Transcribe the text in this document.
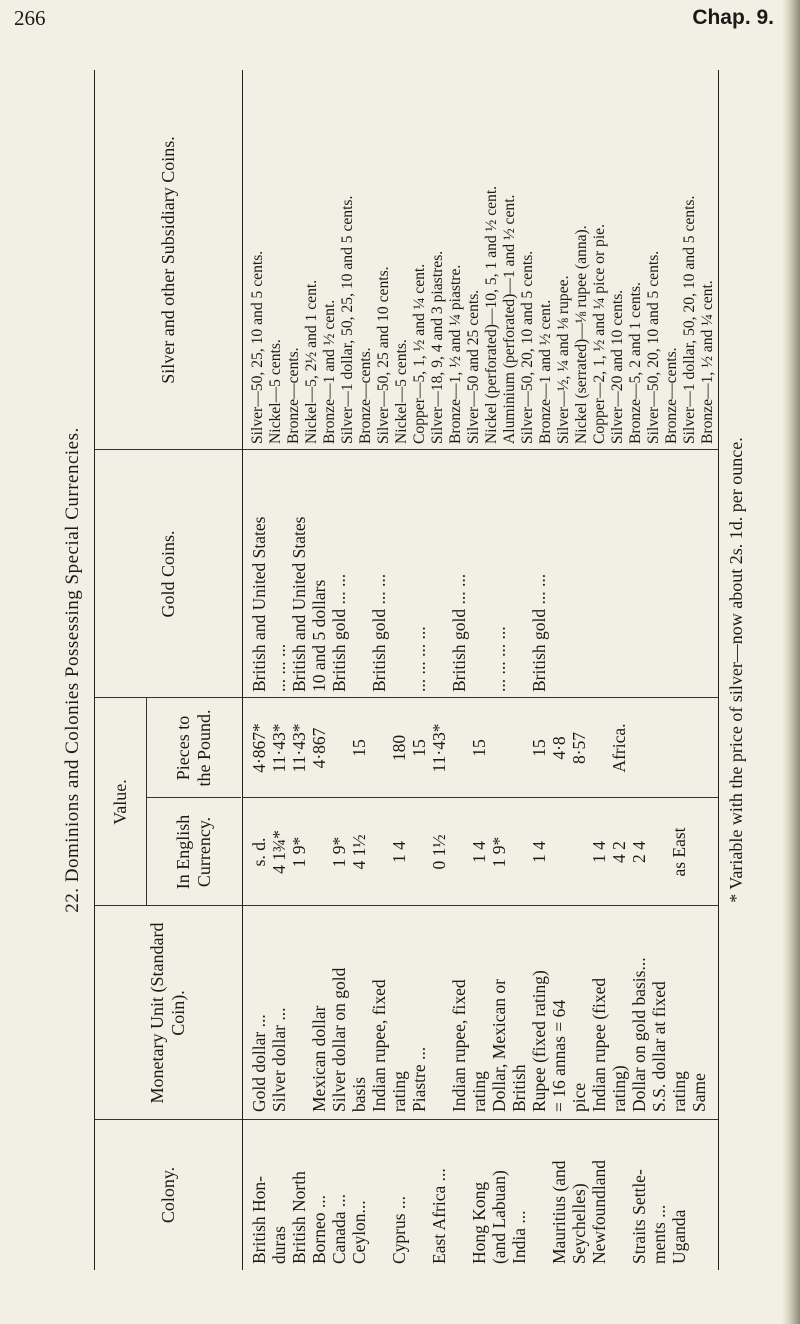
266	Chap. 9.
22. Dominions and Colonies Possessing Special Currencies.
Colony.
Monetary Unit (Standard Coin).
Value.
In English Currency.
Pieces to the Pound.
Gold Coins.
Silver and other Subsidiary Coins.
British Hon- duras British North Borneo ... Canada ... Ceylon... Cyprus ... East Africa ... Hong Kong (and Labuan) India ... Mauritius (and Seychelles) Newfoundland Straits Settle- ments ... Uganda
Gold dollar ... Silver dollar ... Mexican dollar Silver dollar on gold basis Indian rupee, fixed rating Piastre ... Indian rupee, fixed rating Dollar, Mexican or British Rupee (fixed rating) = 16 annas = 64 pice Indian rupee (fixed rating) Dollar on gold basis... S.S. dollar at fixed rating Same
s. d. 4 1¾* 1 9* 1 9* 4 1½ 1 4 0 1½ 1 4 1 9* 1 4 1 4 4 2 2 4 as East
4·867* 11·43* 11·43* 4·867 15 180 15 11·43* 15 15 4·8 8·57 Africa.
British and United States ... ... ... British and United States 10 and 5 dollars British gold ... ... British gold ... ... ... ... ... ... British gold ... ... ... ... ... ... British gold ... ...
Silver—50, 25, 10 and 5 cents. Nickel—5 cents. Bronze—cents. Nickel—5, 2½ and 1 cent. Bronze—1 and ½ cent. Silver—1 dollar, 50, 25, 10 and 5 cents. Bronze—cents. Silver—50, 25 and 10 cents. Nickel—5 cents. Copper—5, 1, ½ and ¼ cent. Silver—18, 9, 4 and 3 piastres. Bronze—1, ½ and ¼ piastre. Silver—50 and 25 cents. Nickel (perforated)—10, 5, 1 and ½ cent. Aluminium (perforated)—1 and ½ cent. Silver—50, 20, 10 and 5 cents. Bronze—1 and ½ cent. Silver—½, ¼ and ⅛ rupee. Nickel (serrated)—⅛ rupee (anna). Copper—2, 1, ½ and ¼ pice or pie. Silver—20 and 10 cents. Bronze—5, 2 and 1 cents. Silver—50, 20, 10 and 5 cents. Bronze—cents. Silver—1 dollar, 50, 20, 10 and 5 cents. Bronze—1, ½ and ¼ cent.
* Variable with the price of silver—now about 2s. 1d. per ounce.
